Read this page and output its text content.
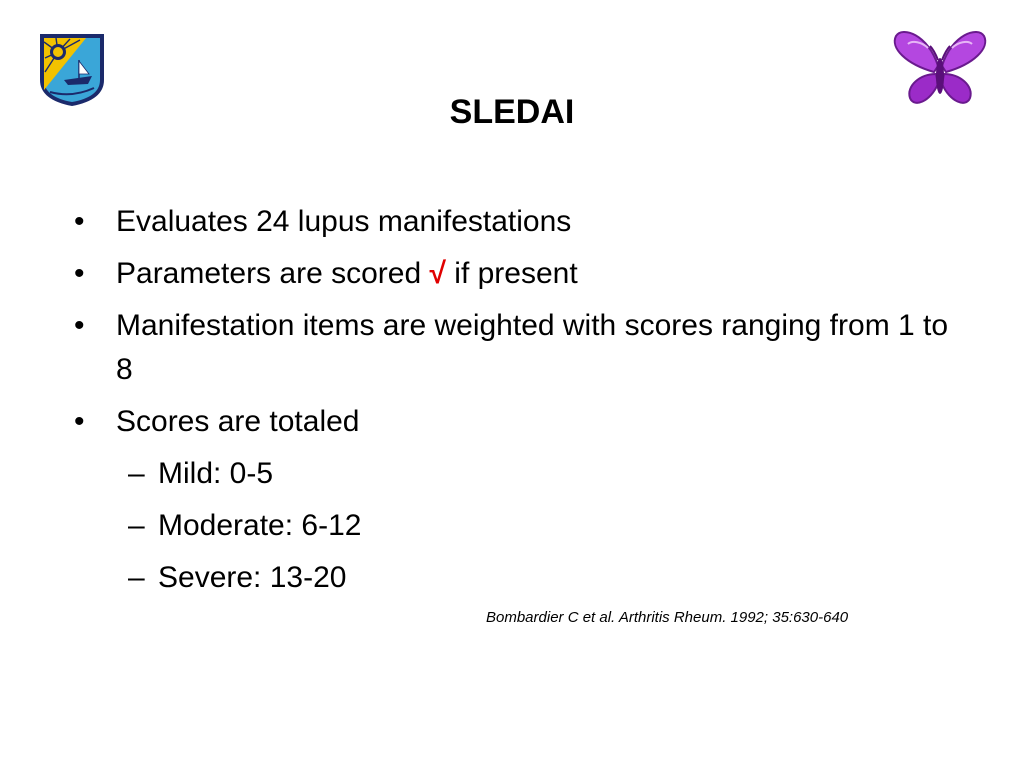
SLEDAI
• Evaluates 24 lupus manifestations
• Parameters are scored √ if present
• Manifestation items are weighted with scores ranging from 1 to 8
• Scores are totaled
– Mild: 0-5
– Moderate: 6-12
– Severe: 13-20
Bombardier C et al. Arthritis Rheum. 1992; 35:630-640
